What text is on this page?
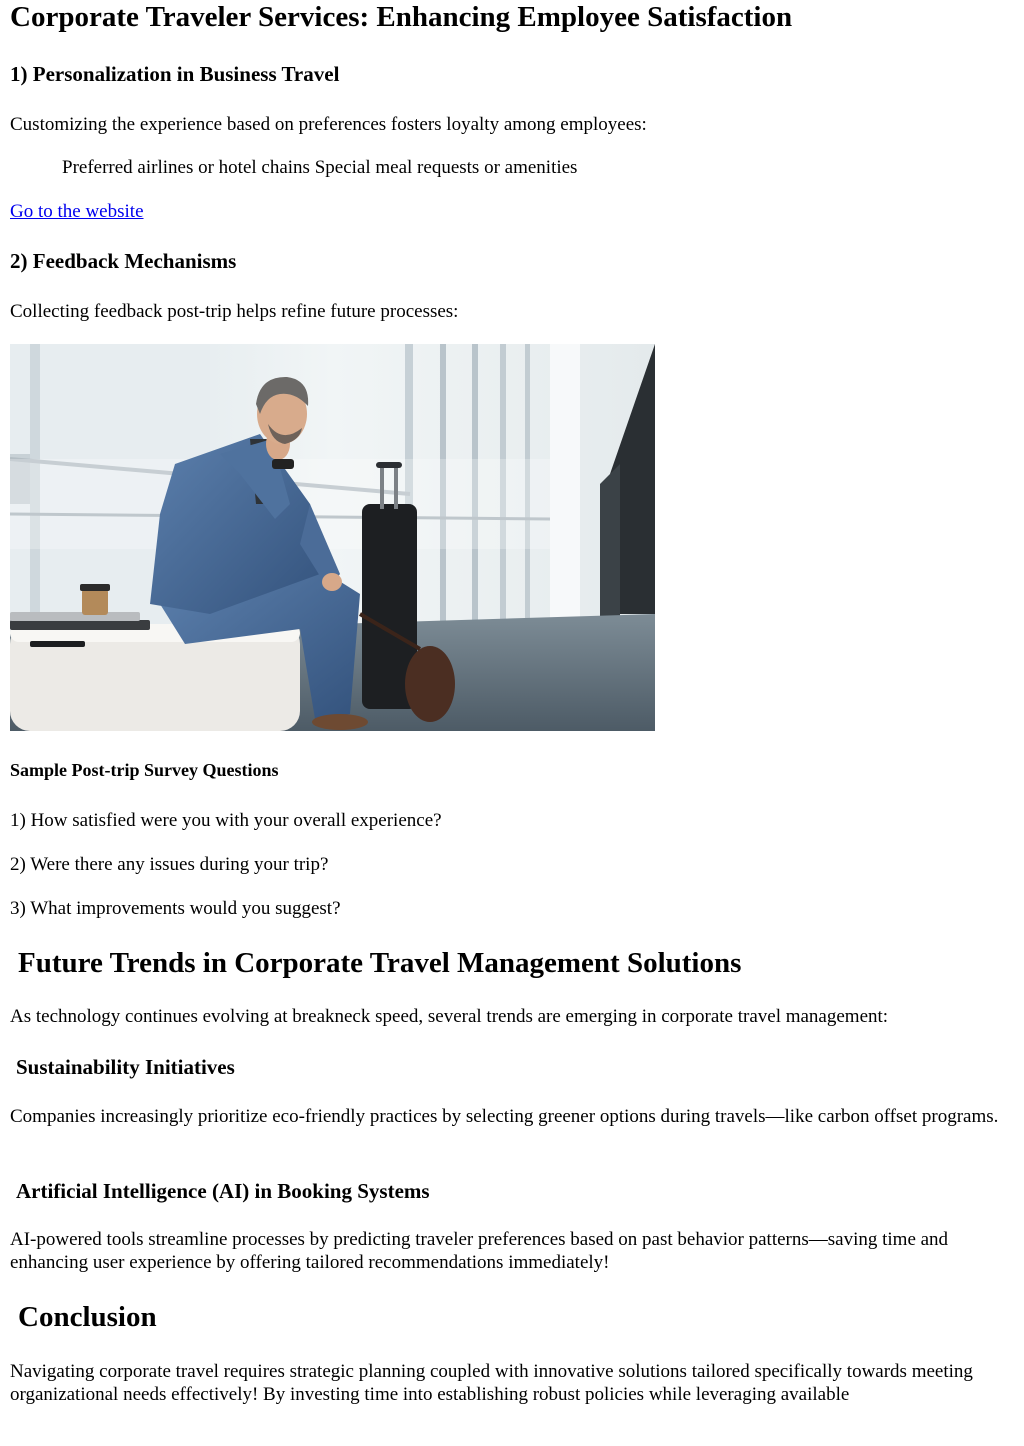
Corporate Traveler Services: Enhancing Employee Satisfaction
1) Personalization in Business Travel

Customizing the experience based on preferences fosters loyalty among employees:

Preferred airlines or hotel chains Special meal requests or amenities

Go to the website
2) Feedback Mechanisms

Collecting feedback post-trip helps refine future processes:

Sample Post-trip Survey Questions

1) How satisfied were you with your overall experience?

2) Were there any issues during your trip?

3) What improvements would you suggest?

Future Trends in Corporate Travel Management Solutions

As technology continues evolving at breakneck speed, several trends are emerging in corporate travel management:

Sustainability Initiatives

Companies increasingly prioritize eco-friendly practices by selecting greener options during travels—like carbon offset programs.

Artificial Intelligence (AI) in Booking Systems

AI-powered tools streamline processes by predicting traveler preferences based on past behavior patterns—saving time and enhancing user experience by offering tailored recommendations immediately!

Conclusion

Navigating corporate travel requires strategic planning coupled with innovative solutions tailored specifically towards meeting organizational needs effectively! By investing time into establishing robust policies while leveraging available
